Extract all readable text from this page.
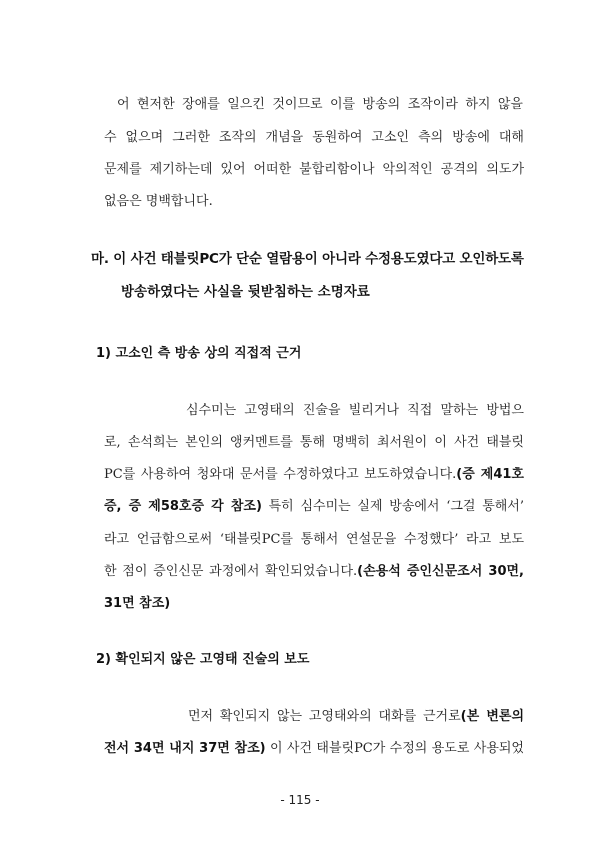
어 현저한 장애를 일으킨 것이므로 이를 방송의 조작이라 하지 않을
수 없으며 그러한 조작의 개념을 동원하여 고소인 측의 방송에 대해
문제를 제기하는데 있어 어떠한 불합리함이나 악의적인 공격의 의도가
없음은 명백합니다.
마. 이 사건 태블릿PC가 단순 열람용이 아니라 수정용도였다고 오인하도록
방송하였다는 사실을 뒷받침하는 소명자료
1) 고소인 측 방송 상의 직접적 근거
심수미는 고영태의 진술을 빌리거나 직접 말하는 방법으
로, 손석희는 본인의 앵커멘트를 통해 명백히 최서원이 이 사건 태블릿
PC를 사용하여 청와대 문서를 수정하였다고 보도하였습니다.(증 제41호
증, 증 제58호증 각 참조) 특히 심수미는 실제 방송에서 ‘그걸 통해서’
라고 언급함으로써 ‘태블릿PC를 통해서 연설문을 수정했다’ 라고 보도
한 점이 증인신문 과정에서 확인되었습니다.(손용석 증인신문조서 30면,
31면 참조)
2) 확인되지 않은 고영태 진술의 보도
먼저 확인되지 않는 고영태와의 대화를 근거로(본 변론의
전서 34면 내지 37면 참조) 이 사건 태블릿PC가 수정의 용도로 사용되었
- 115 -
